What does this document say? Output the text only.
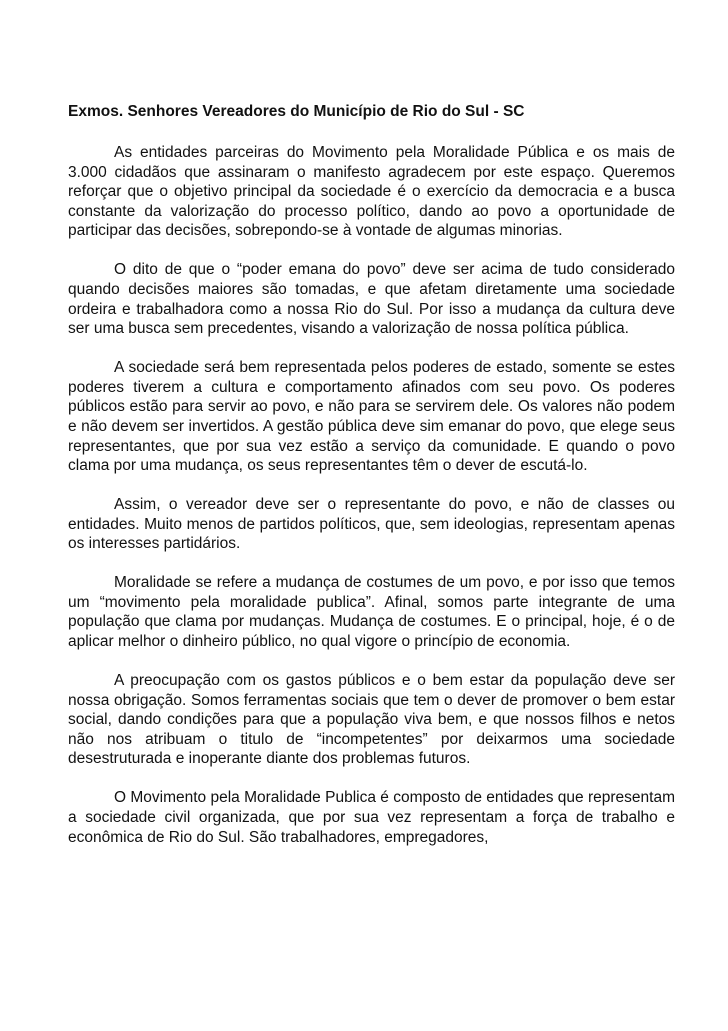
Exmos. Senhores Vereadores do Município de Rio do Sul - SC

As entidades parceiras do Movimento pela Moralidade Pública e os mais de 3.000 cidadãos que assinaram o manifesto agradecem por este espaço. Queremos reforçar que o objetivo principal da sociedade é o exercício da democracia e a busca constante da valorização do processo político, dando ao povo a oportunidade de participar das decisões, sobrepondo-se à vontade de algumas minorias.

O dito de que o “poder emana do povo” deve ser acima de tudo considerado quando decisões maiores são tomadas, e que afetam diretamente uma sociedade ordeira e trabalhadora como a nossa Rio do Sul. Por isso a mudança da cultura deve ser uma busca sem precedentes, visando a valorização de nossa política pública.

A sociedade será bem representada pelos poderes de estado, somente se estes poderes tiverem a cultura e comportamento afinados com seu povo. Os poderes públicos estão para servir ao povo, e não para se servirem dele. Os valores não podem e não devem ser invertidos. A gestão pública deve sim emanar do povo, que elege seus representantes, que por sua vez estão a serviço da comunidade. E quando o povo clama por uma mudança, os seus representantes têm o dever de escutá-lo.

Assim, o vereador deve ser o representante do povo, e não de classes ou entidades. Muito menos de partidos políticos, que, sem ideologias, representam apenas os interesses partidários.

Moralidade se refere a mudança de costumes de um povo, e por isso que temos um “movimento pela moralidade publica”. Afinal, somos parte integrante de uma população que clama por mudanças. Mudança de costumes. E o principal, hoje, é o de aplicar melhor o dinheiro público, no qual vigore o princípio de economia.

A preocupação com os gastos públicos e o bem estar da população deve ser nossa obrigação. Somos ferramentas sociais que tem o dever de promover o bem estar social, dando condições para que a população viva bem, e que nossos filhos e netos não nos atribuam o titulo de “incompetentes” por deixarmos uma sociedade desestruturada e inoperante diante dos problemas futuros.

O Movimento pela Moralidade Publica é composto de entidades que representam a sociedade civil organizada, que por sua vez representam a força de trabalho e econômica de Rio do Sul. São trabalhadores, empregadores,
